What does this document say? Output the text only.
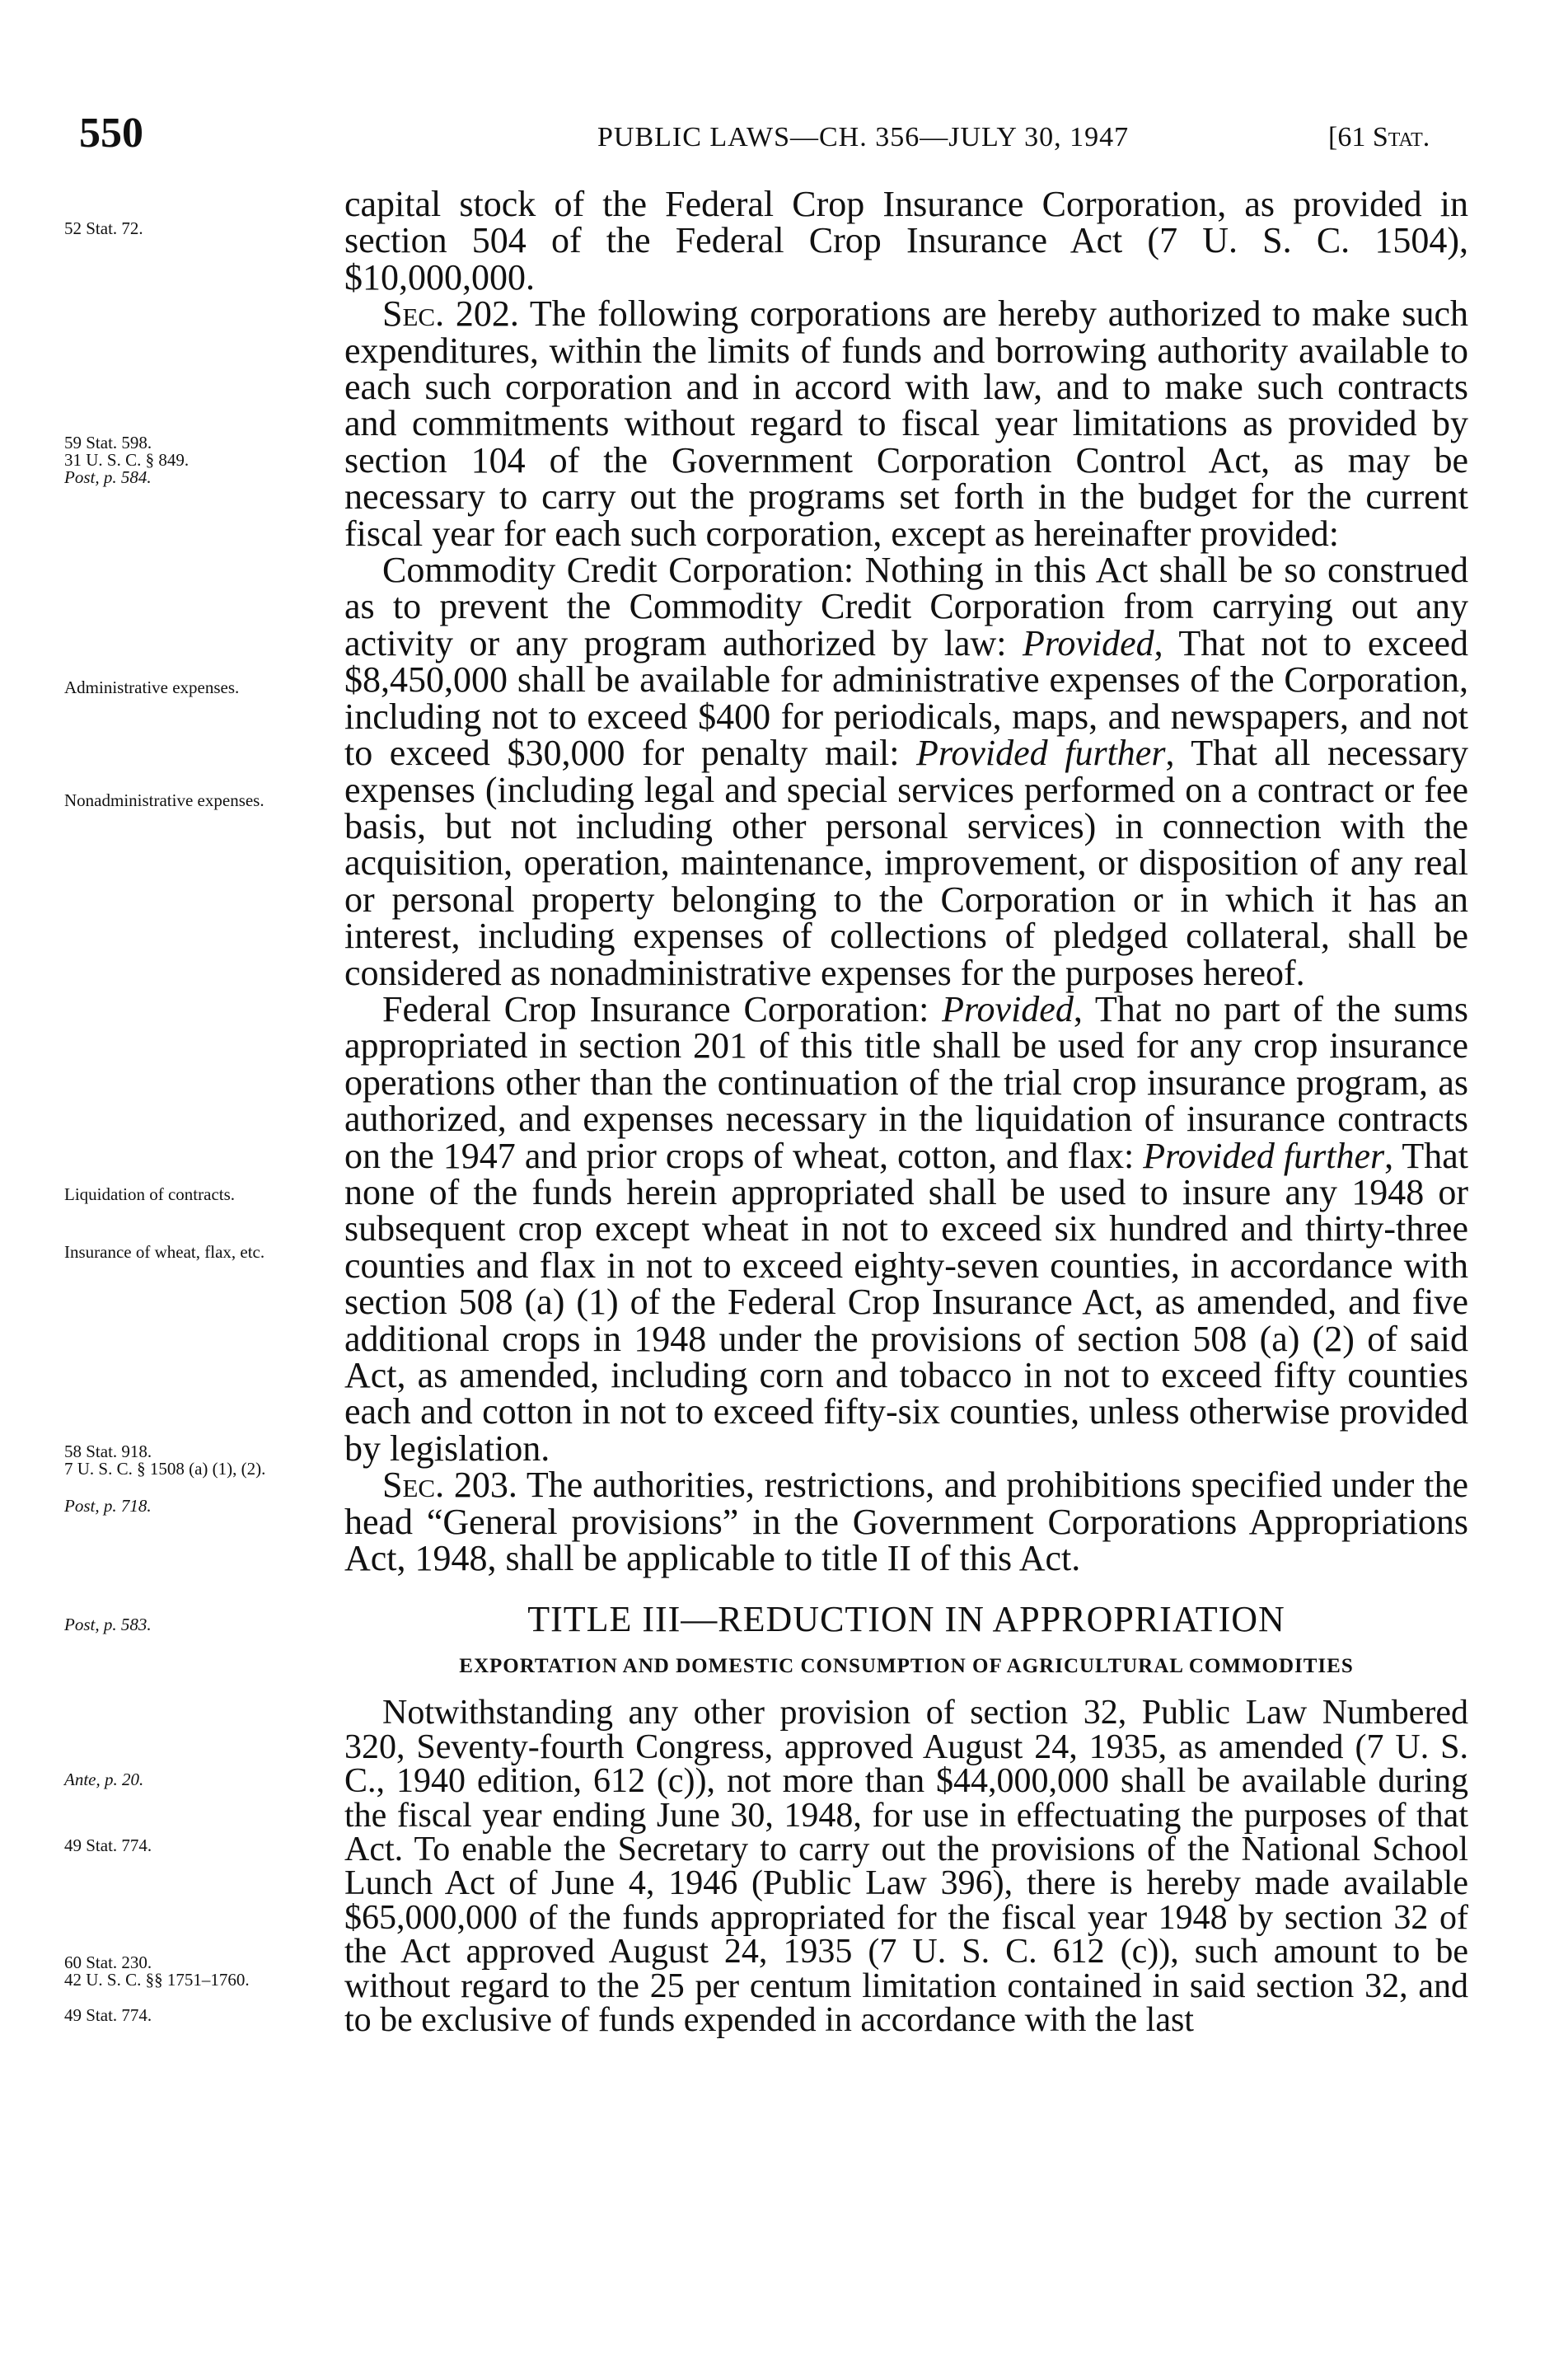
550	PUBLIC LAWS—CH. 356—JULY 30, 1947	[61 Stat.
52 Stat. 72.
59 Stat. 598.
31 U. S. C. § 849.
Post, p. 584.
Administrative expenses.
Nonadministrative expenses.
Liquidation of contracts.
Insurance of wheat, flax, etc.
58 Stat. 918.
7 U. S. C. § 1508 (a) (1), (2).
Post, p. 718.
Post, p. 583.
Ante, p. 20.
49 Stat. 774.
60 Stat. 230.
42 U. S. C. §§ 1751–1760.
49 Stat. 774.

capital stock of the Federal Crop Insurance Corporation, as provided in section 504 of the Federal Crop Insurance Act (7 U. S. C. 1504), $10,000,000.

Sec. 202. The following corporations are hereby authorized to make such expenditures, within the limits of funds and borrowing authority available to each such corporation and in accord with law, and to make such contracts and commitments without regard to fiscal year limitations as provided by section 104 of the Government Corporation Control Act, as may be necessary to carry out the programs set forth in the budget for the current fiscal year for each such corporation, except as hereinafter provided:

Commodity Credit Corporation: Nothing in this Act shall be so construed as to prevent the Commodity Credit Corporation from carrying out any activity or any program authorized by law: Provided, That not to exceed $8,450,000 shall be available for administrative expenses of the Corporation, including not to exceed $400 for periodicals, maps, and newspapers, and not to exceed $30,000 for penalty mail: Provided further, That all necessary expenses (including legal and special services performed on a contract or fee basis, but not including other personal services) in connection with the acquisition, operation, maintenance, improvement, or disposition of any real or personal property belonging to the Corporation or in which it has an interest, including expenses of collections of pledged collateral, shall be considered as nonadministrative expenses for the purposes hereof.

Federal Crop Insurance Corporation: Provided, That no part of the sums appropriated in section 201 of this title shall be used for any crop insurance operations other than the continuation of the trial crop insurance program, as authorized, and expenses necessary in the liquidation of insurance contracts on the 1947 and prior crops of wheat, cotton, and flax: Provided further, That none of the funds herein appropriated shall be used to insure any 1948 or subsequent crop except wheat in not to exceed six hundred and thirty-three counties and flax in not to exceed eighty-seven counties, in accordance with section 508 (a) (1) of the Federal Crop Insurance Act, as amended, and five additional crops in 1948 under the provisions of section 508 (a) (2) of said Act, as amended, including corn and tobacco in not to exceed fifty counties each and cotton in not to exceed fifty-six counties, unless otherwise provided by legislation.

Sec. 203. The authorities, restrictions, and prohibitions specified under the head “General provisions” in the Government Corporations Appropriations Act, 1948, shall be applicable to title II of this Act.

TITLE III—REDUCTION IN APPROPRIATION
EXPORTATION AND DOMESTIC CONSUMPTION OF AGRICULTURAL COMMODITIES

Notwithstanding any other provision of section 32, Public Law Numbered 320, Seventy-fourth Congress, approved August 24, 1935, as amended (7 U. S. C., 1940 edition, 612 (c)), not more than $44,000,000 shall be available during the fiscal year ending June 30, 1948, for use in effectuating the purposes of that Act. To enable the Secretary to carry out the provisions of the National School Lunch Act of June 4, 1946 (Public Law 396), there is hereby made available $65,000,000 of the funds appropriated for the fiscal year 1948 by section 32 of the Act approved August 24, 1935 (7 U. S. C. 612 (c)), such amount to be without regard to the 25 per centum limitation contained in said section 32, and to be exclusive of funds expended in accordance with the last
